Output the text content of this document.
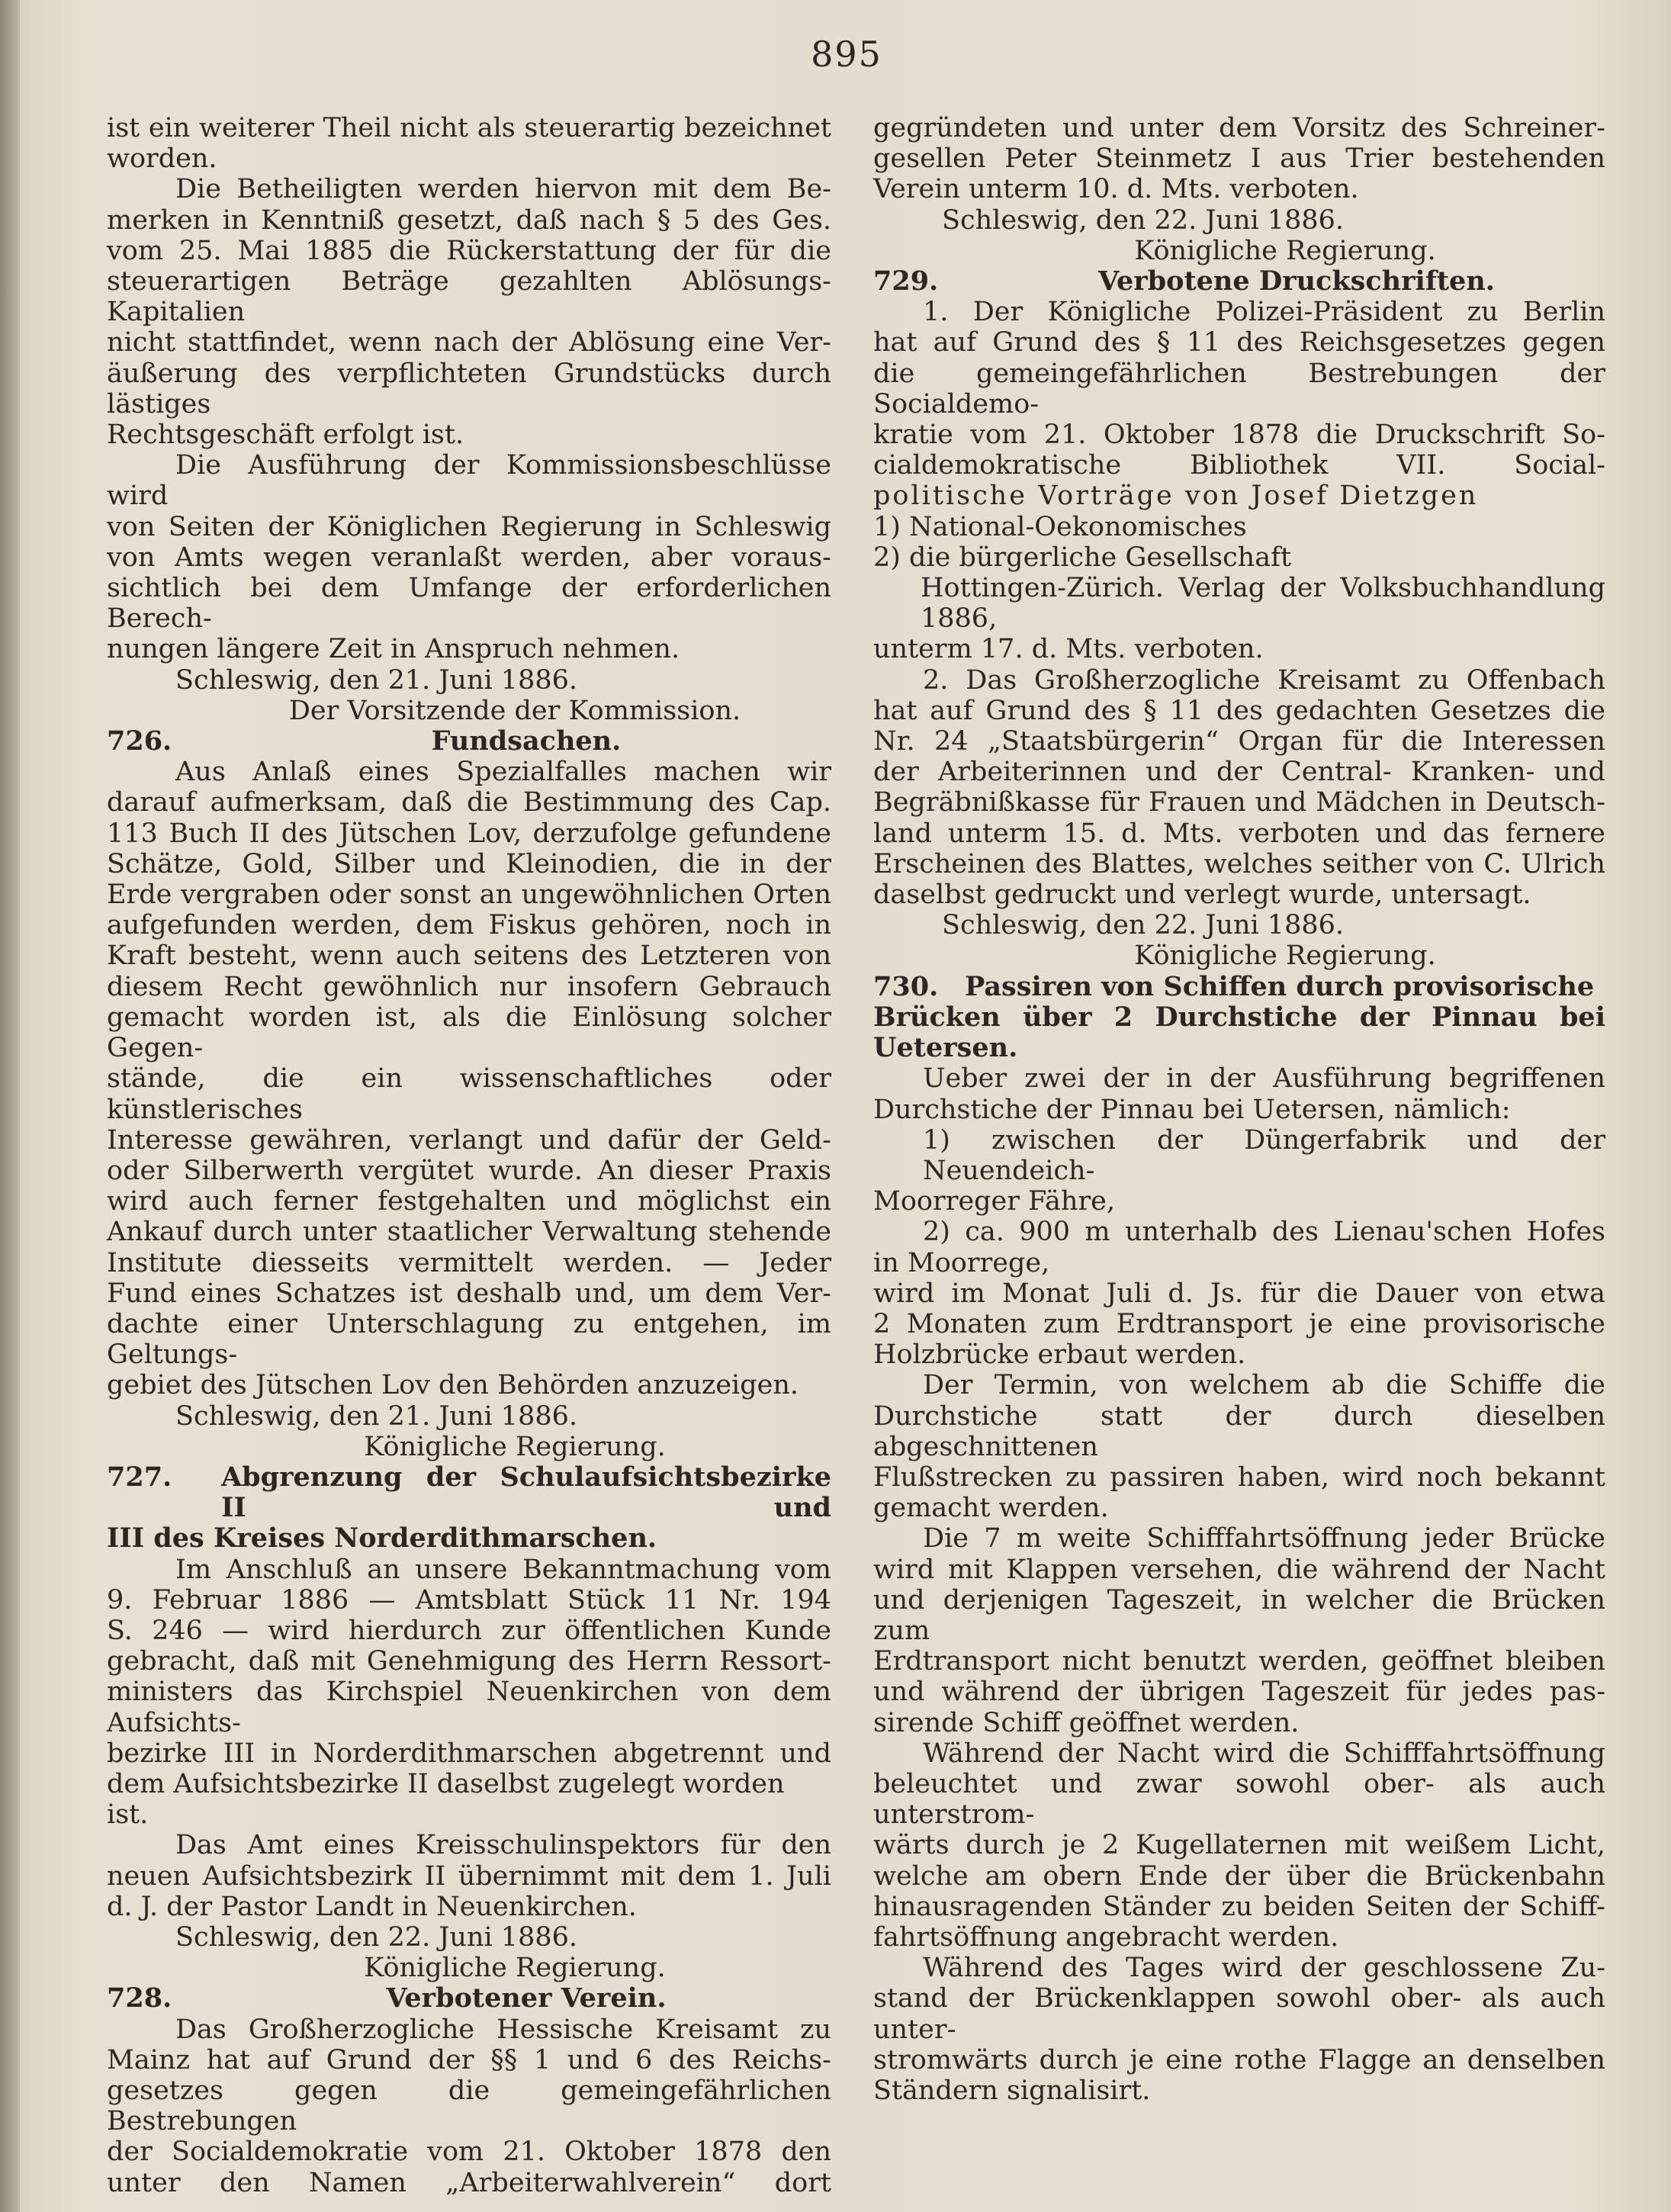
895

ist ein weiterer Theil nicht als steuerartig bezeichnet

worden.

Die Betheiligten werden hiervon mit dem Be-

merken in Kenntniß gesetzt, daß nach § 5 des Ges.

vom 25. Mai 1885 die Rückerstattung der für die

steuerartigen Beträge gezahlten Ablösungs-Kapitalien

nicht stattfindet, wenn nach der Ablösung eine Ver-

äußerung des verpflichteten Grundstücks durch lästiges

Rechtsgeschäft erfolgt ist.

Die Ausführung der Kommissionsbeschlüsse wird

von Seiten der Königlichen Regierung in Schleswig

von Amts wegen veranlaßt werden, aber voraus-

sichtlich bei dem Umfange der erforderlichen Berech-

nungen längere Zeit in Anspruch nehmen.

Schleswig, den 21. Juni 1886.

Der Vorsitzende der Kommission.

726.	Fundsachen.

Aus Anlaß eines Spezialfalles machen wir

darauf aufmerksam, daß die Bestimmung des Cap.

113 Buch II des Jütschen Lov, derzufolge gefundene

Schätze, Gold, Silber und Kleinodien, die in der

Erde vergraben oder sonst an ungewöhnlichen Orten

aufgefunden werden, dem Fiskus gehören, noch in

Kraft besteht, wenn auch seitens des Letzteren von

diesem Recht gewöhnlich nur insofern Gebrauch

gemacht worden ist, als die Einlösung solcher Gegen-

stände, die ein wissenschaftliches oder künstlerisches

Interesse gewähren, verlangt und dafür der Geld-

oder Silberwerth vergütet wurde. An dieser Praxis

wird auch ferner festgehalten und möglichst ein

Ankauf durch unter staatlicher Verwaltung stehende

Institute diesseits vermittelt werden. — Jeder

Fund eines Schatzes ist deshalb und, um dem Ver-

dachte einer Unterschlagung zu entgehen, im Geltungs-

gebiet des Jütschen Lov den Behörden anzuzeigen.

Schleswig, den 21. Juni 1886.

Königliche Regierung.

727.	Abgrenzung der Schulaufsichtsbezirke II und

III des Kreises Norderdithmarschen.

Im Anschluß an unsere Bekanntmachung vom

9. Februar 1886 — Amtsblatt Stück 11 Nr. 194

S. 246 — wird hierdurch zur öffentlichen Kunde

gebracht, daß mit Genehmigung des Herrn Ressort-

ministers das Kirchspiel Neuenkirchen von dem Aufsichts-

bezirke III in Norderdithmarschen abgetrennt und

dem Aufsichtsbezirke II daselbst zugelegt worden ist.

Das Amt eines Kreisschulinspektors für den

neuen Aufsichtsbezirk II übernimmt mit dem 1. Juli

d. J. der Pastor Landt in Neuenkirchen.

Schleswig, den 22. Juni 1886.

Königliche Regierung.

728.	Verbotener Verein.

Das Großherzogliche Hessische Kreisamt zu

Mainz hat auf Grund der §§ 1 und 6 des Reichs-

gesetzes gegen die gemeingefährlichen Bestrebungen

der Socialdemokratie vom 21. Oktober 1878 den

unter den Namen „Arbeiterwahlverein“ dort

gegründeten und unter dem Vorsitz des Schreiner-

gesellen Peter Steinmetz I aus Trier bestehenden

Verein unterm 10. d. Mts. verboten.

Schleswig, den 22. Juni 1886.

Königliche Regierung.

729.	Verbotene Druckschriften.

1. Der Königliche Polizei-Präsident zu Berlin

hat auf Grund des § 11 des Reichsgesetzes gegen

die gemeingefährlichen Bestrebungen der Socialdemo-

kratie vom 21. Oktober 1878 die Druckschrift So-

cialdemokratische Bibliothek VII. Social-

politische Vorträge von Josef Dietzgen

1) National-Oekonomisches

2) die bürgerliche Gesellschaft

Hottingen-Zürich. Verlag der Volksbuchhandlung

1886,

unterm 17. d. Mts. verboten.

2. Das Großherzogliche Kreisamt zu Offenbach

hat auf Grund des § 11 des gedachten Gesetzes die

Nr. 24 „Staatsbürgerin“ Organ für die Interessen

der Arbeiterinnen und der Central- Kranken- und

Begräbnißkasse für Frauen und Mädchen in Deutsch-

land unterm 15. d. Mts. verboten und das fernere

Erscheinen des Blattes, welches seither von C. Ulrich

daselbst gedruckt und verlegt wurde, untersagt.

Schleswig, den 22. Juni 1886.

Königliche Regierung.

730. Passiren von Schiffen durch provisorische

Brücken über 2 Durchstiche der Pinnau bei Uetersen.

Ueber zwei der in der Ausführung begriffenen

Durchstiche der Pinnau bei Uetersen, nämlich:

1) zwischen der Düngerfabrik und der Neuendeich-

Moorreger Fähre,

2) ca. 900 m unterhalb des Lienau'schen Hofes

in Moorrege,

wird im Monat Juli d. Js. für die Dauer von etwa

2 Monaten zum Erdtransport je eine provisorische

Holzbrücke erbaut werden.

Der Termin, von welchem ab die Schiffe die

Durchstiche statt der durch dieselben abgeschnittenen

Flußstrecken zu passiren haben, wird noch bekannt

gemacht werden.

Die 7 m weite Schifffahrtsöffnung jeder Brücke

wird mit Klappen versehen, die während der Nacht

und derjenigen Tageszeit, in welcher die Brücken zum

Erdtransport nicht benutzt werden, geöffnet bleiben

und während der übrigen Tageszeit für jedes pas-

sirende Schiff geöffnet werden.

Während der Nacht wird die Schifffahrtsöffnung

beleuchtet und zwar sowohl ober- als auch unterstrom-

wärts durch je 2 Kugellaternen mit weißem Licht,

welche am obern Ende der über die Brückenbahn

hinausragenden Ständer zu beiden Seiten der Schiff-

fahrtsöffnung angebracht werden.

Während des Tages wird der geschlossene Zu-

stand der Brückenklappen sowohl ober- als auch unter-

stromwärts durch je eine rothe Flagge an denselben

Ständern signalisirt.
